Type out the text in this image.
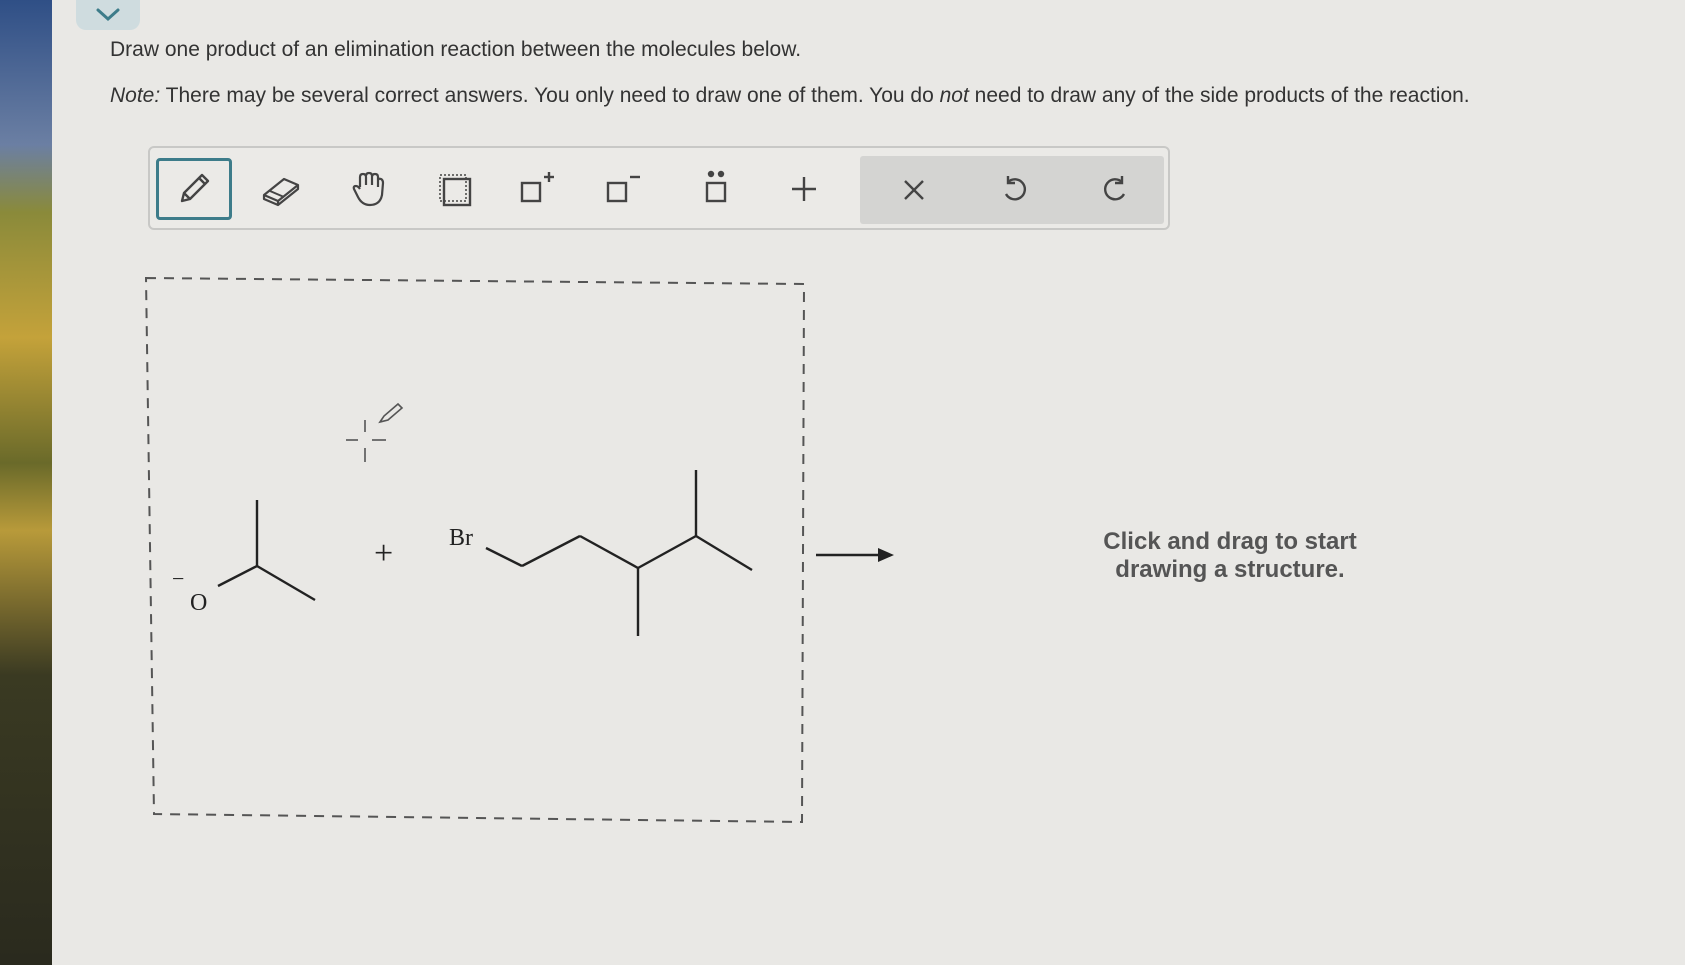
Draw one product of an elimination reaction between the molecules below.
Note: There may be several correct answers. You only need to draw one of them. You do not need to draw any of the side products of the reaction.
O
−
+ Br	Click and drag to start
drawing a structure.
